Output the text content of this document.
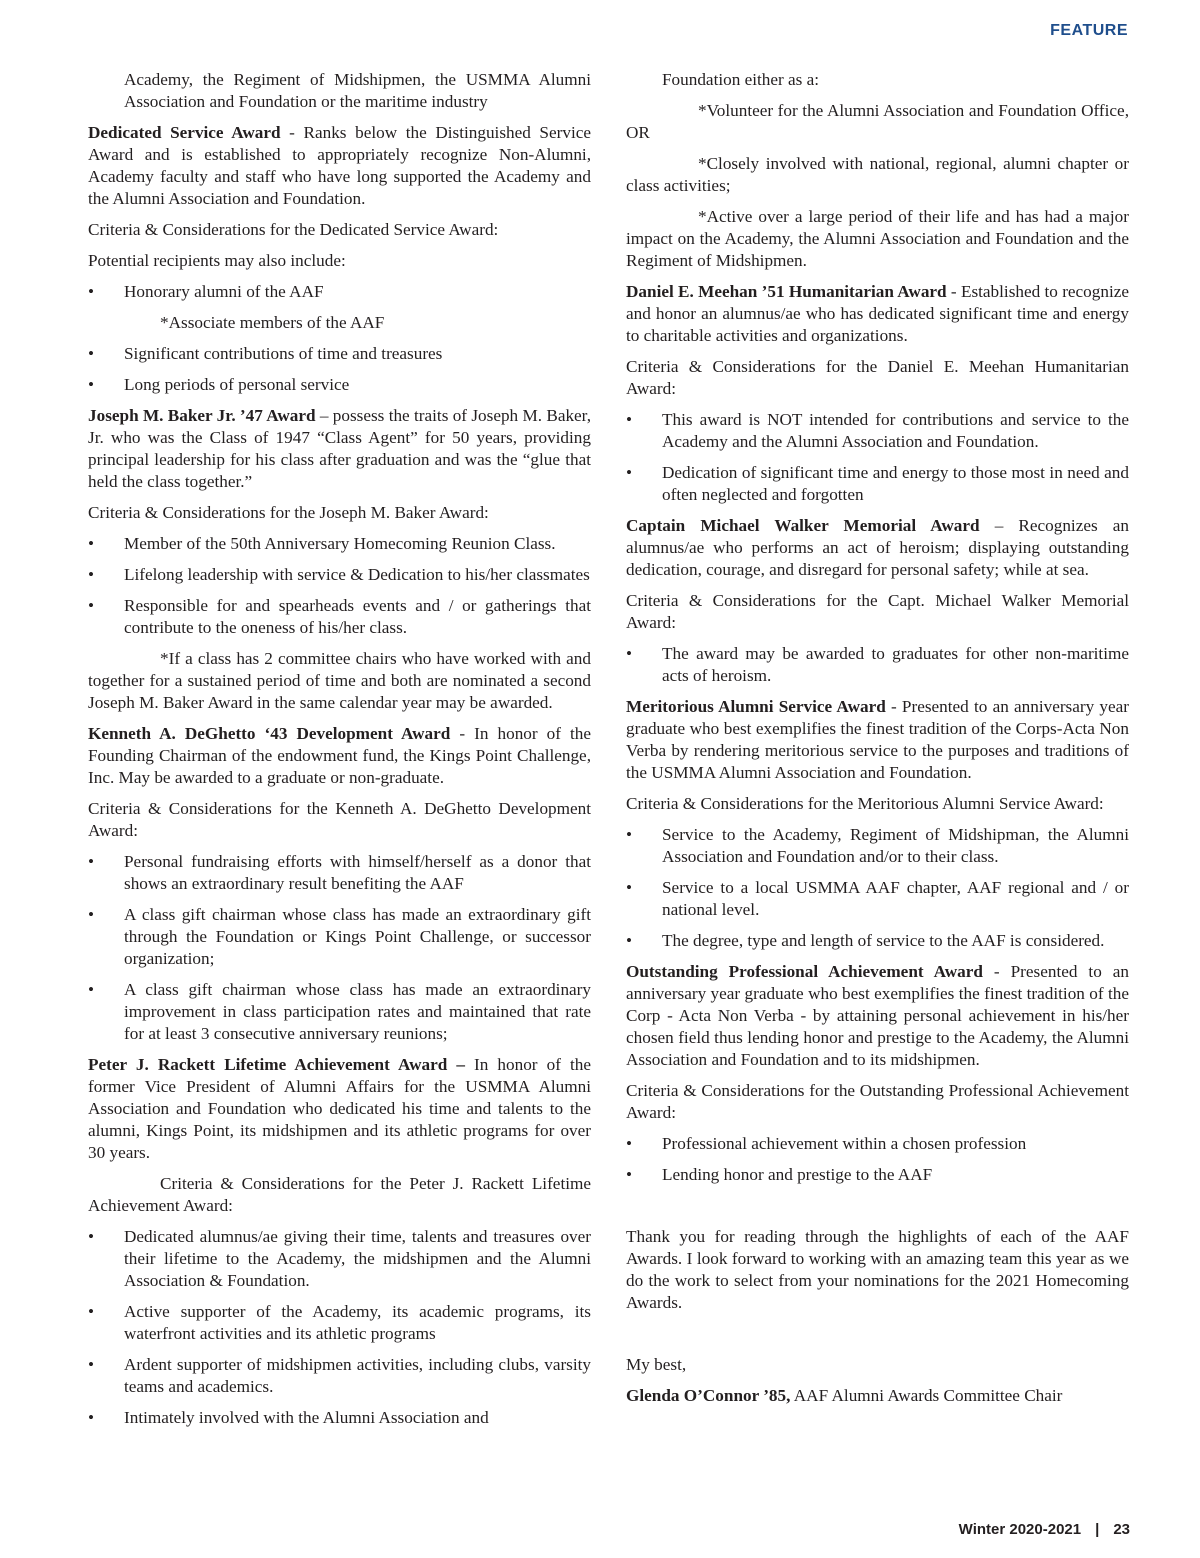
FEATURE

Academy, the Regiment of Midshipmen, the USMMA Alumni Association and Foundation or the maritime industry

Dedicated Service Award - Ranks below the Distinguished Service Award and is established to appropriately recognize Non-Alumni, Academy faculty and staff who have long supported the Academy and the Alumni Association and Foundation.

Criteria & Considerations for the Dedicated Service Award:

Potential recipients may also include:

• Honorary alumni of the AAF

*Associate members of the AAF

• Significant contributions of time and treasures
• Long periods of personal service

Joseph M. Baker Jr. ’47 Award – possess the traits of Joseph M. Baker, Jr. who was the Class of 1947 “Class Agent” for 50 years, providing principal leadership for his class after graduation and was the “glue that held the class together.”

Criteria & Considerations for the Joseph M. Baker Award:

• Member of the 50th Anniversary Homecoming Reunion Class.
• Lifelong leadership with service & Dedication to his/her classmates
• Responsible for and spearheads events and / or gatherings that contribute to the oneness of his/her class.

*If a class has 2 committee chairs who have worked with and together for a sustained period of time and both are nominated a second Joseph M. Baker Award in the same calendar year may be awarded.

Kenneth A. DeGhetto ‘43 Development Award - In honor of the Founding Chairman of the endowment fund, the Kings Point Challenge, Inc. May be awarded to a graduate or non-graduate.

Criteria & Considerations for the Kenneth A. DeGhetto Development Award:

• Personal fundraising efforts with himself/herself as a donor that shows an extraordinary result benefiting the AAF
• A class gift chairman whose class has made an extraordinary gift through the Foundation or Kings Point Challenge, or successor organization;
• A class gift chairman whose class has made an extraordinary improvement in class participation rates and maintained that rate for at least 3 consecutive anniversary reunions;

Peter J. Rackett Lifetime Achievement Award – In honor of the former Vice President of Alumni Affairs for the USMMA Alumni Association and Foundation who dedicated his time and talents to the alumni, Kings Point, its midshipmen and its athletic programs for over 30 years.

Criteria & Considerations for the Peter J. Rackett Lifetime Achievement Award:

• Dedicated alumnus/ae giving their time, talents and treasures over their lifetime to the Academy, the midshipmen and the Alumni Association & Foundation.
• Active supporter of the Academy, its academic programs, its waterfront activities and its athletic programs
• Ardent supporter of midshipmen activities, including clubs, varsity teams and academics.
• Intimately involved with the Alumni Association and

Foundation either as a:

*Volunteer for the Alumni Association and Foundation Office, OR

*Closely involved with national, regional, alumni chapter or class activities;

*Active over a large period of their life and has had a major impact on the Academy, the Alumni Association and Foundation and the Regiment of Midshipmen.

Daniel E. Meehan ’51 Humanitarian Award - Established to recognize and honor an alumnus/ae who has dedicated significant time and energy to charitable activities and organizations.

Criteria & Considerations for the Daniel E. Meehan Humanitarian Award:

• This award is NOT intended for contributions and service to the Academy and the Alumni Association and Foundation.
• Dedication of significant time and energy to those most in need and often neglected and forgotten

Captain Michael Walker Memorial Award – Recognizes an alumnus/ae who performs an act of heroism; displaying outstanding dedication, courage, and disregard for personal safety; while at sea.

Criteria & Considerations for the Capt. Michael Walker Memorial Award:

• The award may be awarded to graduates for other non-maritime acts of heroism.

Meritorious Alumni Service Award - Presented to an anniversary year graduate who best exemplifies the finest tradition of the Corps-Acta Non Verba by rendering meritorious service to the purposes and traditions of the USMMA Alumni Association and Foundation.

Criteria & Considerations for the Meritorious Alumni Service Award:

• Service to the Academy, Regiment of Midshipman, the Alumni Association and Foundation and/or to their class.
• Service to a local USMMA AAF chapter, AAF regional and / or national level.
• The degree, type and length of service to the AAF is considered.

Outstanding Professional Achievement Award - Presented to an anniversary year graduate who best exemplifies the finest tradition of the Corp - Acta Non Verba - by attaining personal achievement in his/her chosen field thus lending honor and prestige to the Academy, the Alumni Association and Foundation and to its midshipmen.

Criteria & Considerations for the Outstanding Professional Achievement Award:

• Professional achievement within a chosen profession
• Lending honor and prestige to the AAF

Thank you for reading through the highlights of each of the AAF Awards. I look forward to working with an amazing team this year as we do the work to select from your nominations for the 2021 Homecoming Awards.

My best,

Glenda O’Connor ’85, AAF Alumni Awards Committee Chair

Winter 2020-2021 | 23
